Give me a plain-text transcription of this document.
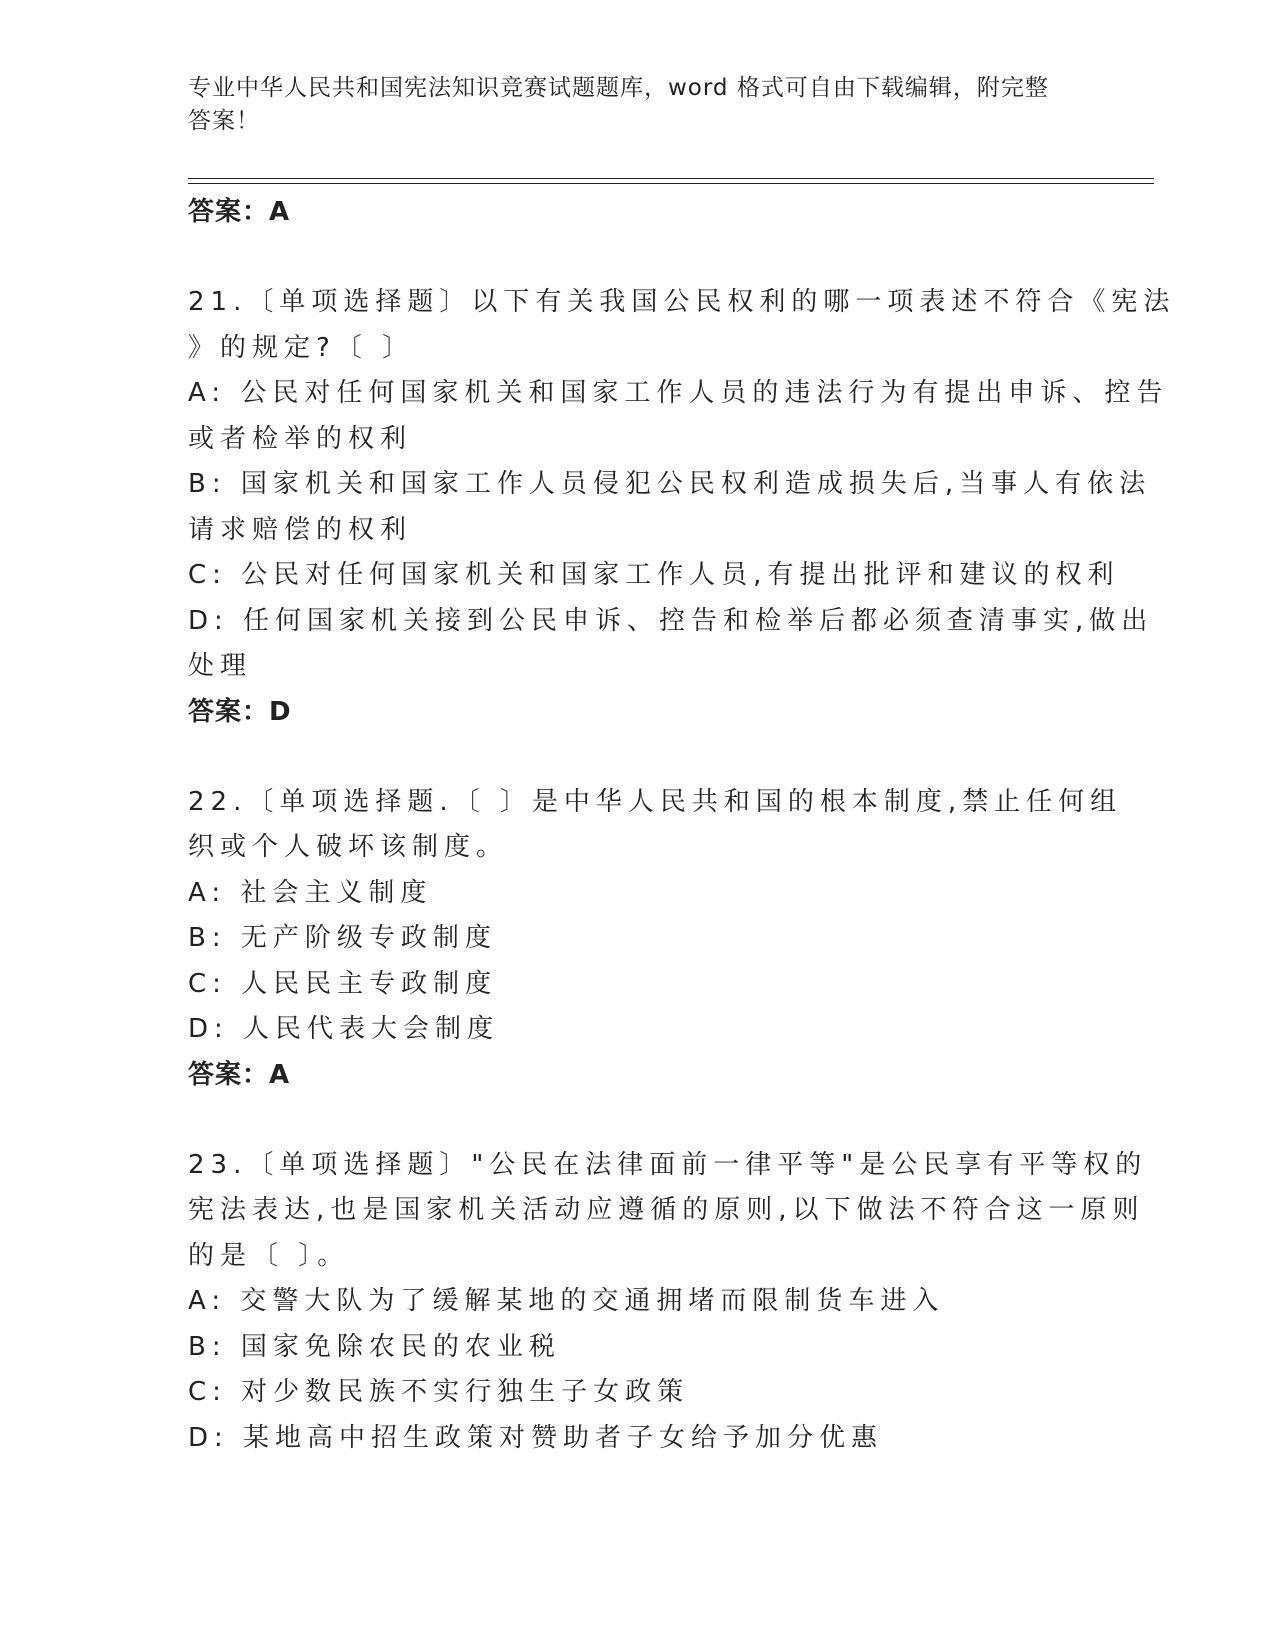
专业中华人民共和国宪法知识竞赛试题题库，word 格式可自由下载编辑，附完整
答案！
答案：A
21.〔单项选择题〕以下有关我国公民权利的哪一项表述不符合《宪法
》的规定?〔 〕
A: 公民对任何国家机关和国家工作人员的违法行为有提出申诉、控告
或者检举的权利
B: 国家机关和国家工作人员侵犯公民权利造成损失后,当事人有依法
请求赔偿的权利
C: 公民对任何国家机关和国家工作人员,有提出批评和建议的权利
D: 任何国家机关接到公民申诉、控告和检举后都必须查清事实,做出
处理
答案：D
22.〔单项选择题.〔 〕是中华人民共和国的根本制度,禁止任何组
织或个人破坏该制度。
A: 社会主义制度
B: 无产阶级专政制度
C: 人民民主专政制度
D: 人民代表大会制度
答案：A
23.〔单项选择题〕"公民在法律面前一律平等"是公民享有平等权的
宪法表达,也是国家机关活动应遵循的原则,以下做法不符合这一原则
的是〔 〕。
A: 交警大队为了缓解某地的交通拥堵而限制货车进入
B: 国家免除农民的农业税
C: 对少数民族不实行独生子女政策
D: 某地高中招生政策对赞助者子女给予加分优惠
